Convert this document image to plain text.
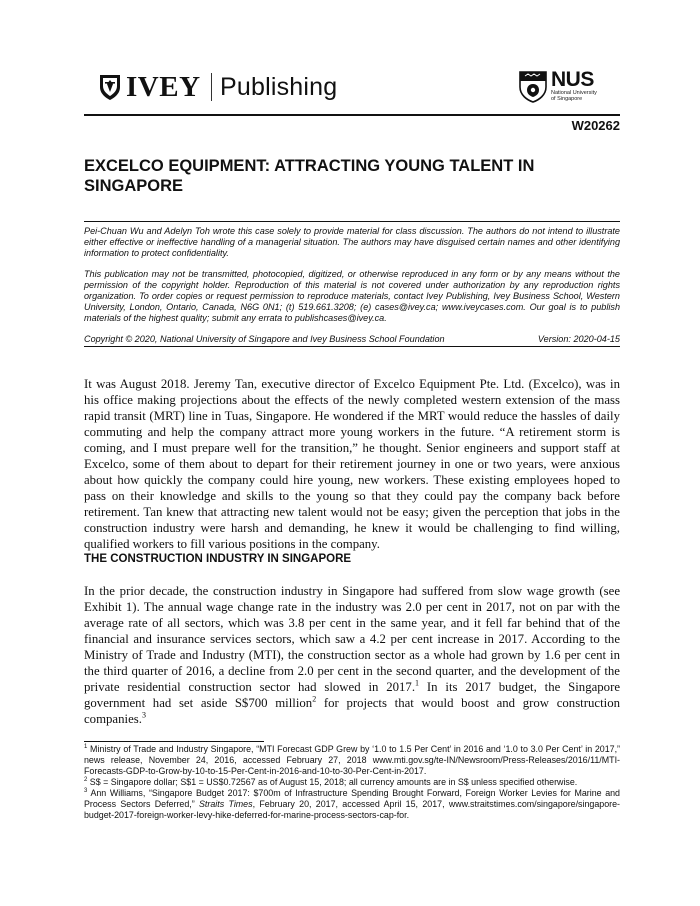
IVEY Publishing	NUS
National University
of Singapore
W20262
EXCELCO EQUIPMENT: ATTRACTING YOUNG TALENT IN SINGAPORE

Pei-Chuan Wu and Adelyn Toh wrote this case solely to provide material for class discussion. The authors do not intend to illustrate either effective or ineffective handling of a managerial situation. The authors may have disguised certain names and other identifying information to protect confidentiality.

This publication may not be transmitted, photocopied, digitized, or otherwise reproduced in any form or by any means without the permission of the copyright holder. Reproduction of this material is not covered under authorization by any reproduction rights organization. To order copies or request permission to reproduce materials, contact Ivey Publishing, Ivey Business School, Western University, London, Ontario, Canada, N6G 0N1; (t) 519.661.3208; (e) cases@ivey.ca; www.iveycases.com. Our goal is to publish materials of the highest quality; submit any errata to publishcases@ivey.ca.

Copyright © 2020, National University of Singapore and Ivey Business School Foundation	Version: 2020-04-15

It was August 2018. Jeremy Tan, executive director of Excelco Equipment Pte. Ltd. (Excelco), was in his office making projections about the effects of the newly completed western extension of the mass rapid transit (MRT) line in Tuas, Singapore. He wondered if the MRT would reduce the hassles of daily commuting and help the company attract more young workers in the future. “A retirement storm is coming, and I must prepare well for the transition,” he thought. Senior engineers and support staff at Excelco, some of them about to depart for their retirement journey in one or two years, were anxious about how quickly the company could hire young, new workers. These existing employees hoped to pass on their knowledge and skills to the young so that they could pay the company back before retirement. Tan knew that attracting new talent would not be easy; given the perception that jobs in the construction industry were harsh and demanding, he knew it would be challenging to find willing, qualified workers to fill various positions in the company.

THE CONSTRUCTION INDUSTRY IN SINGAPORE

In the prior decade, the construction industry in Singapore had suffered from slow wage growth (see Exhibit 1). The annual wage change rate in the industry was 2.0 per cent in 2017, not on par with the average rate of all sectors, which was 3.8 per cent in the same year, and it fell far behind that of the financial and insurance services sectors, which saw a 4.2 per cent increase in 2017. According to the Ministry of Trade and Industry (MTI), the construction sector as a whole had grown by 1.6 per cent in the third quarter of 2016, a decline from 2.0 per cent in the second quarter, and the development of the private residential construction sector had slowed in 2017.$^1$ In its 2017 budget, the Singapore government had set aside S$700 million$^2$ for projects that would boost and grow construction companies.$^3$

$^1$ Ministry of Trade and Industry Singapore, “MTI Forecast GDP Grew by ‘1.0 to 1.5 Per Cent’ in 2016 and ‘1.0 to 3.0 Per Cent’ in 2017,” news release, November 24, 2016, accessed February 27, 2018 www.mti.gov.sg/te-IN/Newsroom/Press-Releases/2016/11/MTI-Forecasts-GDP-to-Grow-by-10-to-15-Per-Cent-in-2016-and-10-to-30-Per-Cent-in-2017.

$^2$ S$ = Singapore dollar; S$1 = US$0.72567 as of August 15, 2018; all currency amounts are in S$ unless specified otherwise.

$^3$ Ann Williams, “Singapore Budget 2017: $700m of Infrastructure Spending Brought Forward, Foreign Worker Levies for Marine and Process Sectors Deferred,” Straits Times, February 20, 2017, accessed April 15, 2017, www.straitstimes.com/singapore/singapore-budget-2017-foreign-worker-levy-hike-deferred-for-marine-process-sectors-cap-for.
